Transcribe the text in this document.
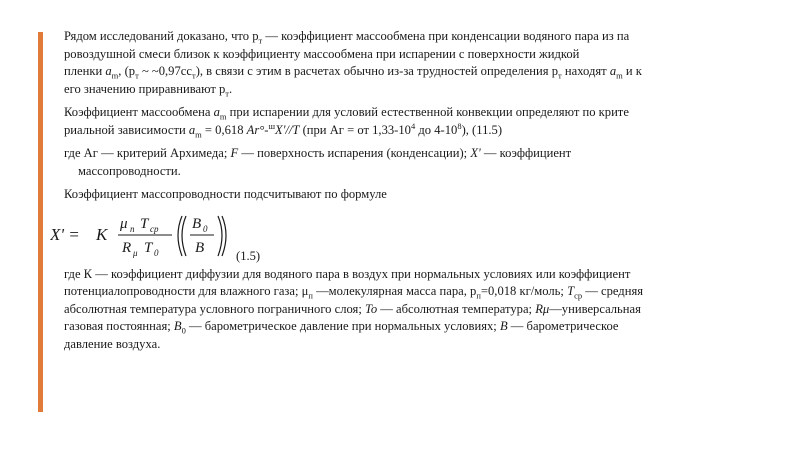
Рядом исследований доказано, что $р_т$ — коэффициент массообмена при конденсации водяного пара из па
ровоздушной смеси близок к коэффициенту массообмена при испарении с поверхности жидкой
пленки $a_m$, ($р_т$ ~ $\sim 0,97сс_т$), в связи с этим в расчетах обычно из-за трудностей определения $р_т$ находят $a_m$ и к
его значению приравнивают $р_т$.

Коэффициент массообмена $a_m$ при испарении для условий естественной конвекции определяют по крите
риальной зависимости $a_m = 0,618$ Ar°-$^ш$X'//T (при Аг = от $1,33-10^4$ до $4-10^8$), (11.5)

где Аг — критерий Архимеда; F — поверхность испарения (конденсации); X' — коэффициент
массопроводности.

Коэффициент массопроводности подсчитывают по формуле

X' = K
μ п T ср
R μ T 0
B 0
B	(1.5)

где К — коэффициент диффузии для водяного пара в воздух при нормальных условиях или коэффициент
потенциалопроводности для влажного газа; $\mu_п$ —молекулярная масса пара, $р_п=0,018$ кг/моль; $T_{ср}$ — средняя
абсолютная температура условного пограничного слоя; To — абсолютная температура; Rμ—универсальная
газовая постоянная; $B_0$ — барометрическое давление при нормальных условиях; B — барометрическое
давление воздуха.
